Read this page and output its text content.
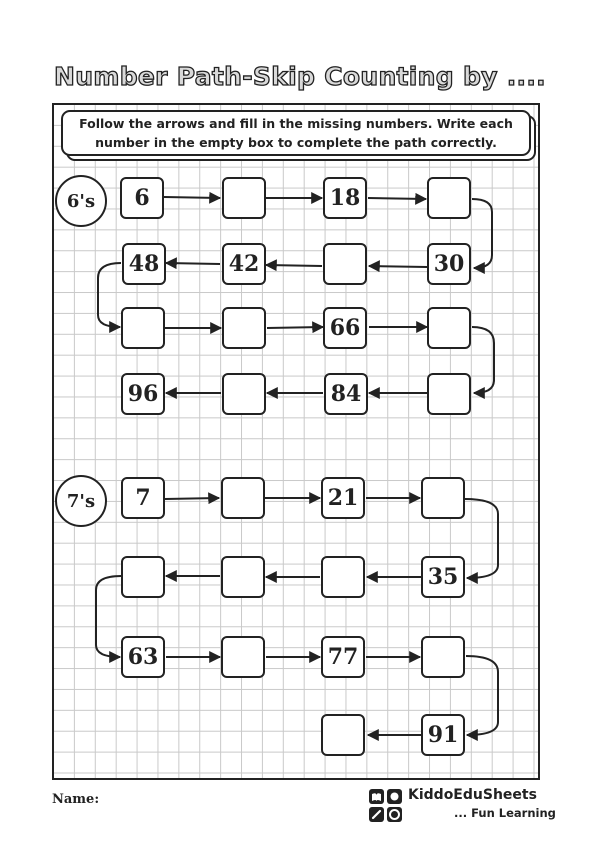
Number Path-Skip Counting by ....
Follow the arrows and fill in the missing numbers. Write each number in the empty box to complete the path correctly.
6's	6	18
48	42	30
66
96	84
7's	7	21
35
63	77
91
Name:	KiddoEduSheets
... Fun Learning
